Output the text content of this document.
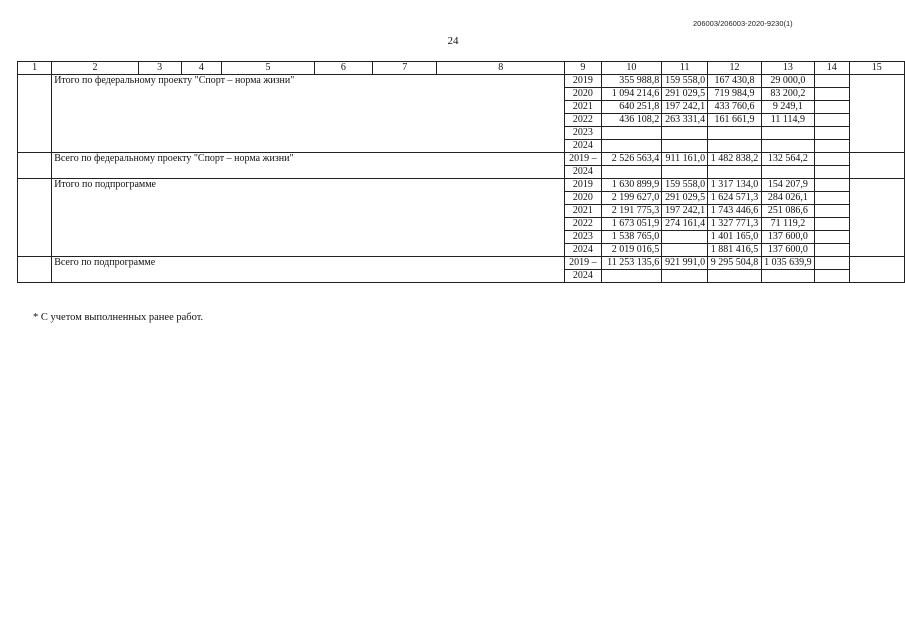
206003/206003-2020-9230(1)
24
1	2	3	4	5	6	7	8	9	10	11	12	13	14	15
	Итого по федеральному проекту "Спорт – норма жизни"							2019	355 988,8	159 558,0	167 430,8	29 000,0		
								2020	1 094 214,6	291 029,5	719 984,9	83 200,2		
								2021	640 251,8	197 242,1	433 760,6	9 249,1		
								2022	436 108,2	263 331,4	161 661,9	11 114,9		
								2023						
								2024						
	Всего по федеральному проекту "Спорт – норма жизни"							2019 –	2 526 563,4	911 161,0	1 482 838,2	132 564,2		
								2024						
	Итого по подпрограмме							2019	1 630 899,9	159 558,0	1 317 134,0	154 207,9		
								2020	2 199 627,0	291 029,5	1 624 571,3	284 026,1		
								2021	2 191 775,3	197 242,1	1 743 446,6	251 086,6		
								2022	1 673 051,9	274 161,4	1 327 771,3	71 119,2		
								2023	1 538 765,0		1 401 165,0	137 600,0		
								2024	2 019 016,5		1 881 416,5	137 600,0		
	Всего по подпрограмме							2019 –	11 253 135,6	921 991,0	9 295 504,8	1 035 639,9		
								2024						
* С учетом выполненных ранее работ.
